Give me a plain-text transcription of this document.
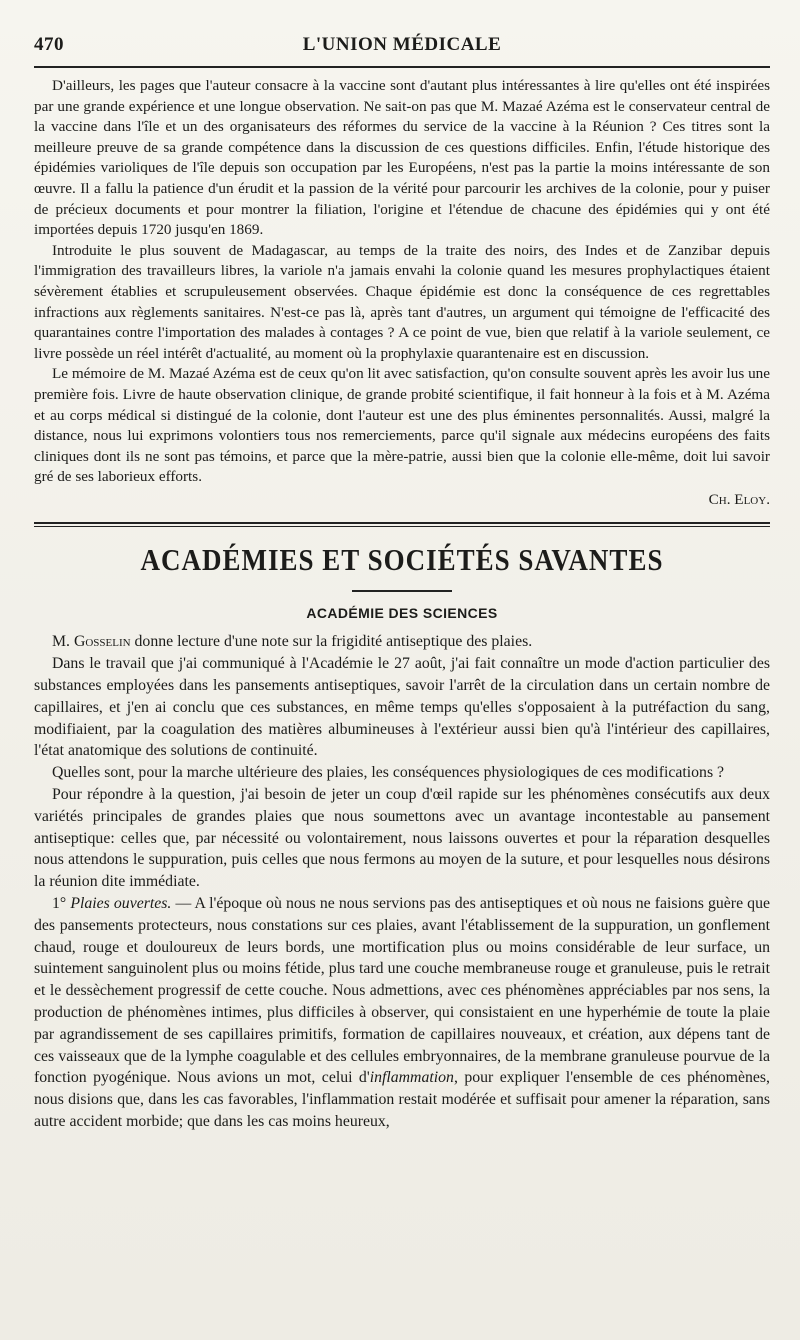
470	L'UNION MÉDICALE

D'ailleurs, les pages que l'auteur consacre à la vaccine sont d'autant plus intéressantes à lire qu'elles ont été inspirées par une grande expérience et une longue observation. Ne sait-on pas que M. Mazaé Azéma est le conservateur central de la vaccine dans l'île et un des organisateurs des réformes du service de la vaccine à la Réunion ? Ces titres sont la meilleure preuve de sa grande compétence dans la discussion de ces questions difficiles. Enfin, l'étude historique des épidémies varioliques de l'île depuis son occupation par les Européens, n'est pas la partie la moins intéressante de son œuvre. Il a fallu la patience d'un érudit et la passion de la vérité pour parcourir les archives de la colonie, pour y puiser de précieux documents et pour montrer la filiation, l'origine et l'étendue de chacune des épidémies qui y ont été importées depuis 1720 jusqu'en 1869.

Introduite le plus souvent de Madagascar, au temps de la traite des noirs, des Indes et de Zanzibar depuis l'immigration des travailleurs libres, la variole n'a jamais envahi la colonie quand les mesures prophylactiques étaient sévèrement établies et scrupuleusement observées. Chaque épidémie est donc la conséquence de ces regrettables infractions aux règlements sanitaires. N'est-ce pas là, après tant d'autres, un argument qui témoigne de l'efficacité des quarantaines contre l'importation des malades à contages ? A ce point de vue, bien que relatif à la variole seulement, ce livre possède un réel intérêt d'actualité, au moment où la prophylaxie quarantenaire est en discussion.

Le mémoire de M. Mazaé Azéma est de ceux qu'on lit avec satisfaction, qu'on consulte souvent après les avoir lus une première fois. Livre de haute observation clinique, de grande probité scientifique, il fait honneur à la fois et à M. Azéma et au corps médical si distingué de la colonie, dont l'auteur est une des plus éminentes personnalités. Aussi, malgré la distance, nous lui exprimons volontiers tous nos remerciements, parce qu'il signale aux médecins européens des faits cliniques dont ils ne sont pas témoins, et parce que la mère-patrie, aussi bien que la colonie elle-même, doit lui savoir gré de ses laborieux efforts.

Ch. Eloy.
ACADÉMIES ET SOCIÉTÉS SAVANTES
ACADÉMIE DES SCIENCES

M. Gosselin donne lecture d'une note sur la frigidité antiseptique des plaies.

Dans le travail que j'ai communiqué à l'Académie le 27 août, j'ai fait connaître un mode d'action particulier des substances employées dans les pansements antiseptiques, savoir l'arrêt de la circulation dans un certain nombre de capillaires, et j'en ai conclu que ces substances, en même temps qu'elles s'opposaient à la putréfaction du sang, modifiaient, par la coagulation des matières albumineuses à l'extérieur aussi bien qu'à l'intérieur des capillaires, l'état anatomique des solutions de continuité.

Quelles sont, pour la marche ultérieure des plaies, les conséquences physiologiques de ces modifications ?

Pour répondre à la question, j'ai besoin de jeter un coup d'œil rapide sur les phénomènes consécutifs aux deux variétés principales de grandes plaies que nous soumettons avec un avantage incontestable au pansement antiseptique: celles que, par nécessité ou volontairement, nous laissons ouvertes et pour la réparation desquelles nous attendons le suppuration, puis celles que nous fermons au moyen de la suture, et pour lesquelles nous désirons la réunion dite immédiate.

1° Plaies ouvertes. — A l'époque où nous ne nous servions pas des antiseptiques et où nous ne faisions guère que des pansements protecteurs, nous constations sur ces plaies, avant l'établissement de la suppuration, un gonflement chaud, rouge et douloureux de leurs bords, une mortification plus ou moins considérable de leur surface, un suintement sanguinolent plus ou moins fétide, plus tard une couche membraneuse rouge et granuleuse, puis le retrait et le dessèchement progressif de cette couche. Nous admettions, avec ces phénomènes appréciables par nos sens, la production de phénomènes intimes, plus difficiles à observer, qui consistaient en une hyperhémie de toute la plaie par agrandissement de ses capillaires primitifs, formation de capillaires nouveaux, et création, aux dépens tant de ces vaisseaux que de la lymphe coagulable et des cellules embryonnaires, de la membrane granuleuse pourvue de la fonction pyogénique. Nous avions un mot, celui d'inflammation, pour expliquer l'ensemble de ces phénomènes, nous disions que, dans les cas favorables, l'inflammation restait modérée et suffisait pour amener la réparation, sans autre accident morbide; que dans les cas moins heureux,
